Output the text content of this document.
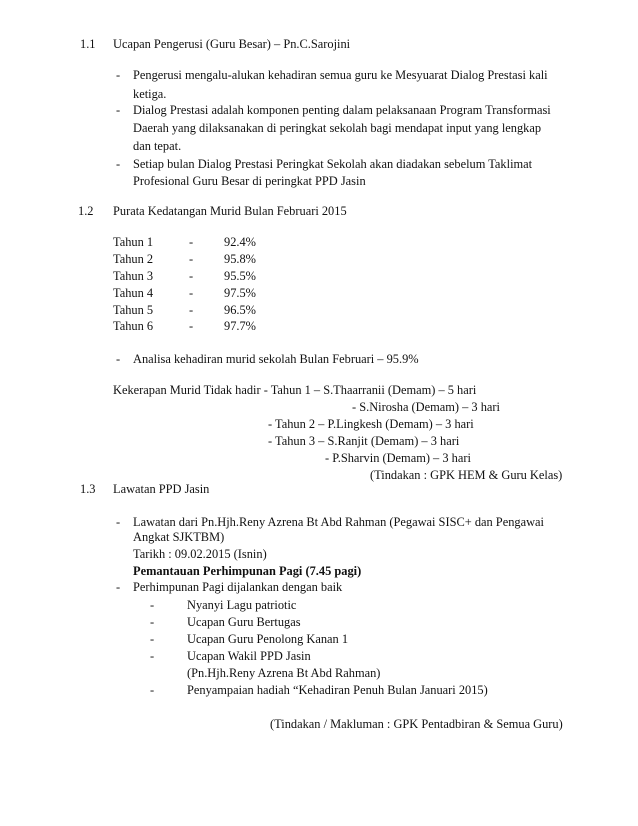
1.1 Ucapan Pengerusi (Guru Besar) – Pn.C.Sarojini
- Pengerusi mengalu-alukan kehadiran semua guru ke Mesyuarat Dialog Prestasi kali
ketiga.
- Dialog Prestasi adalah komponen penting dalam pelaksanaan Program Transformasi
Daerah yang dilaksanakan di peringkat sekolah bagi mendapat input yang lengkap
dan tepat.
- Setiap bulan Dialog Prestasi Peringkat Sekolah akan diadakan sebelum Taklimat
Profesional Guru Besar di peringkat PPD Jasin
1.2 Purata Kedatangan Murid Bulan Februari 2015
Tahun 1	- 92.4%
Tahun 2	- 95.8%
Tahun 3	- 95.5%
Tahun 4	- 97.5%
Tahun 5	- 96.5%
Tahun 6	- 97.7%
- Analisa kehadiran murid sekolah Bulan Februari – 95.9%
Kekerapan Murid Tidak hadir - Tahun 1 – S.Thaarranii (Demam) – 5 hari
- S.Nirosha (Demam) – 3 hari
- Tahun 2 – P.Lingkesh (Demam) – 3 hari
- Tahun 3 – S.Ranjit (Demam) – 3 hari
- P.Sharvin (Demam) – 3 hari
(Tindakan : GPK HEM & Guru Kelas)
1.3 Lawatan PPD Jasin
- Lawatan dari Pn.Hjh.Reny Azrena Bt Abd Rahman (Pegawai SISC+ dan Pengawai
Angkat SJKTBM)
Tarikh : 09.02.2015 (Isnin)
Pemantauan Perhimpunan Pagi (7.45 pagi)
- Perhimpunan Pagi dijalankan dengan baik
-	Nyanyi Lagu patriotic
-	Ucapan Guru Bertugas
-	Ucapan Guru Penolong Kanan 1
-	Ucapan Wakil PPD Jasin
(Pn.Hjh.Reny Azrena Bt Abd Rahman)
-	Penyampaian hadiah “Kehadiran Penuh Bulan Januari 2015)
(Tindakan / Makluman : GPK Pentadbiran & Semua Guru)
